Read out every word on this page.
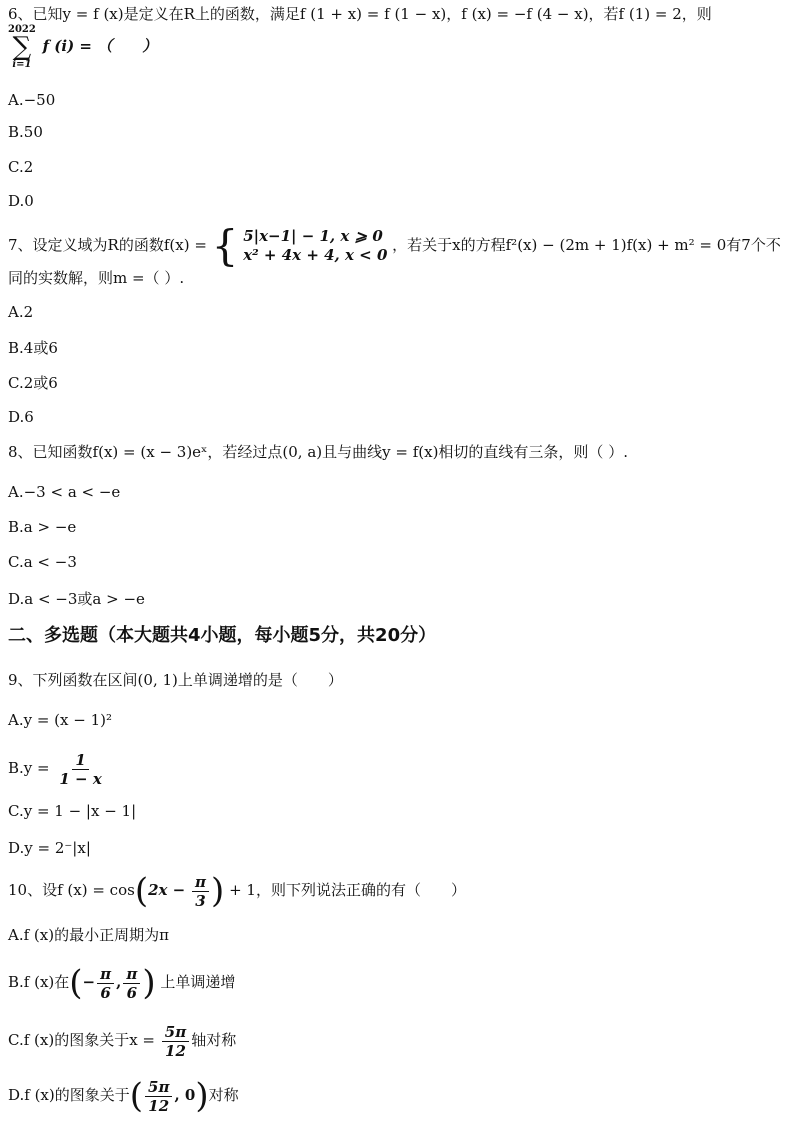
6、已知y = f (x)是定义在R上的函数，满足f (1 + x) = f (1 − x)，f (x) = −f (4 − x)，若f (1) = 2，则
2022
∑
i=1
f (i) = （　　）
A.−50
B.50
C.2
D.0
7、设定义域为R的函数f(x) = { 5|x−1| − 1, x ⩾ 0
x² + 4x + 4, x < 0
，若关于x的方程f²(x) − (2m + 1)f(x) + m² = 0有7个不
同的实数解，则m =（ ）.
A.2
B.4或6
C.2或6
D.6
8、已知函数f(x) = (x − 3)eˣ，若经过点(0, a)且与曲线y = f(x)相切的直线有三条，则（ ）.
A.−3 < a < −e
B.a > −e
C.a < −3
D.a < −3或a > −e
二、多选题（本大题共4小题，每小题5分，共20分）
9、下列函数在区间(0, 1)上单调递增的是（　　）
A.y = (x − 1)²
$B.y = \frac{1}{1 - x}$
C.y = 1 − |x − 1|
D.y = 2⁻|x|
10、设f $(x) = \cos(2x - \frac{\pi}{3}$ ) + 1，则下列说法正确的有（　　）
A.f (x)的最小正周期为π
B.f (x)在(− $\frac{\pi}{6}$ , $\frac{\pi}{6}$ ) 上单调递增
C.f (x)的图象关于$x = \frac{5\pi}{12}$ 轴对称
D.f (x)的图象关于( $\frac{5\pi}{12}$ , 0)对称
